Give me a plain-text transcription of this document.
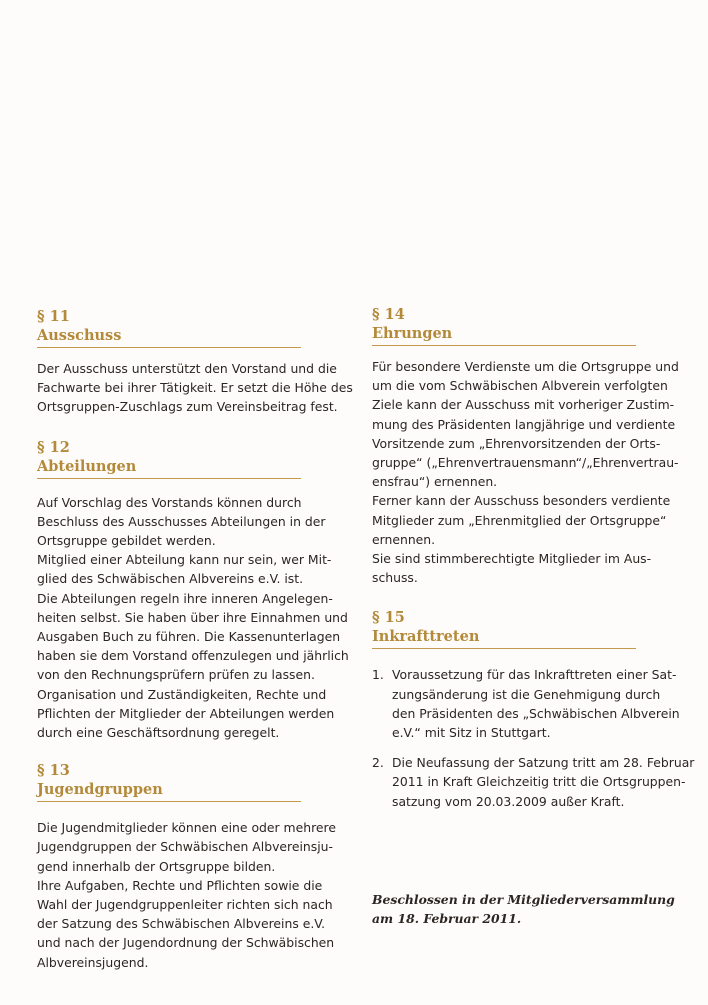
§ 11
Ausschuss
Der Ausschuss unterstützt den Vorstand und die
Fachwarte bei ihrer Tätigkeit. Er setzt die Höhe des
Ortsgruppen-Zuschlags zum Vereinsbeitrag fest.
§ 12
Abteilungen
Auf Vorschlag des Vorstands können durch
Beschluss des Ausschusses Abteilungen in der
Ortsgruppe gebildet werden.
Mitglied einer Abteilung kann nur sein, wer Mit-
glied des Schwäbischen Albvereins e.V. ist.
Die Abteilungen regeln ihre inneren Angelegen-
heiten selbst. Sie haben über ihre Einnahmen und
Ausgaben Buch zu führen. Die Kassenunterlagen
haben sie dem Vorstand offenzulegen und jährlich
von den Rechnungsprüfern prüfen zu lassen.
Organisation und Zuständigkeiten, Rechte und
Pflichten der Mitglieder der Abteilungen werden
durch eine Geschäftsordnung geregelt.
§ 13
Jugendgruppen
Die Jugendmitglieder können eine oder mehrere
Jugendgruppen der Schwäbischen Albvereinsju-
gend innerhalb der Ortsgruppe bilden.
Ihre Aufgaben, Rechte und Pflichten sowie die
Wahl der Jugendgruppenleiter richten sich nach
der Satzung des Schwäbischen Albvereins e.V.
und nach der Jugendordnung der Schwäbischen
Albvereinsjugend.
§ 14
Ehrungen
Für besondere Verdienste um die Ortsgruppe und
um die vom Schwäbischen Albverein verfolgten
Ziele kann der Ausschuss mit vorheriger Zustim-
mung des Präsidenten langjährige und verdiente
Vorsitzende zum „Ehrenvorsitzenden der Orts-
gruppe“ („Ehrenvertrauensmann“/„Ehrenvertrau-
ensfrau“) ernennen.
Ferner kann der Ausschuss besonders verdiente
Mitglieder zum „Ehrenmitglied der Ortsgruppe“
ernennen.
Sie sind stimmberechtigte Mitglieder im Aus-
schuss.
§ 15
Inkrafttreten
1. Voraussetzung für das Inkrafttreten einer Sat-
zungsänderung ist die Genehmigung durch
den Präsidenten des „Schwäbischen Albverein
e.V.“ mit Sitz in Stuttgart.
2. Die Neufassung der Satzung tritt am 28. Februar
2011 in Kraft Gleichzeitig tritt die Ortsgruppen-
satzung vom 20.03.2009 außer Kraft.
Beschlossen in der Mitgliederversammlung
am 18. Februar 2011.
